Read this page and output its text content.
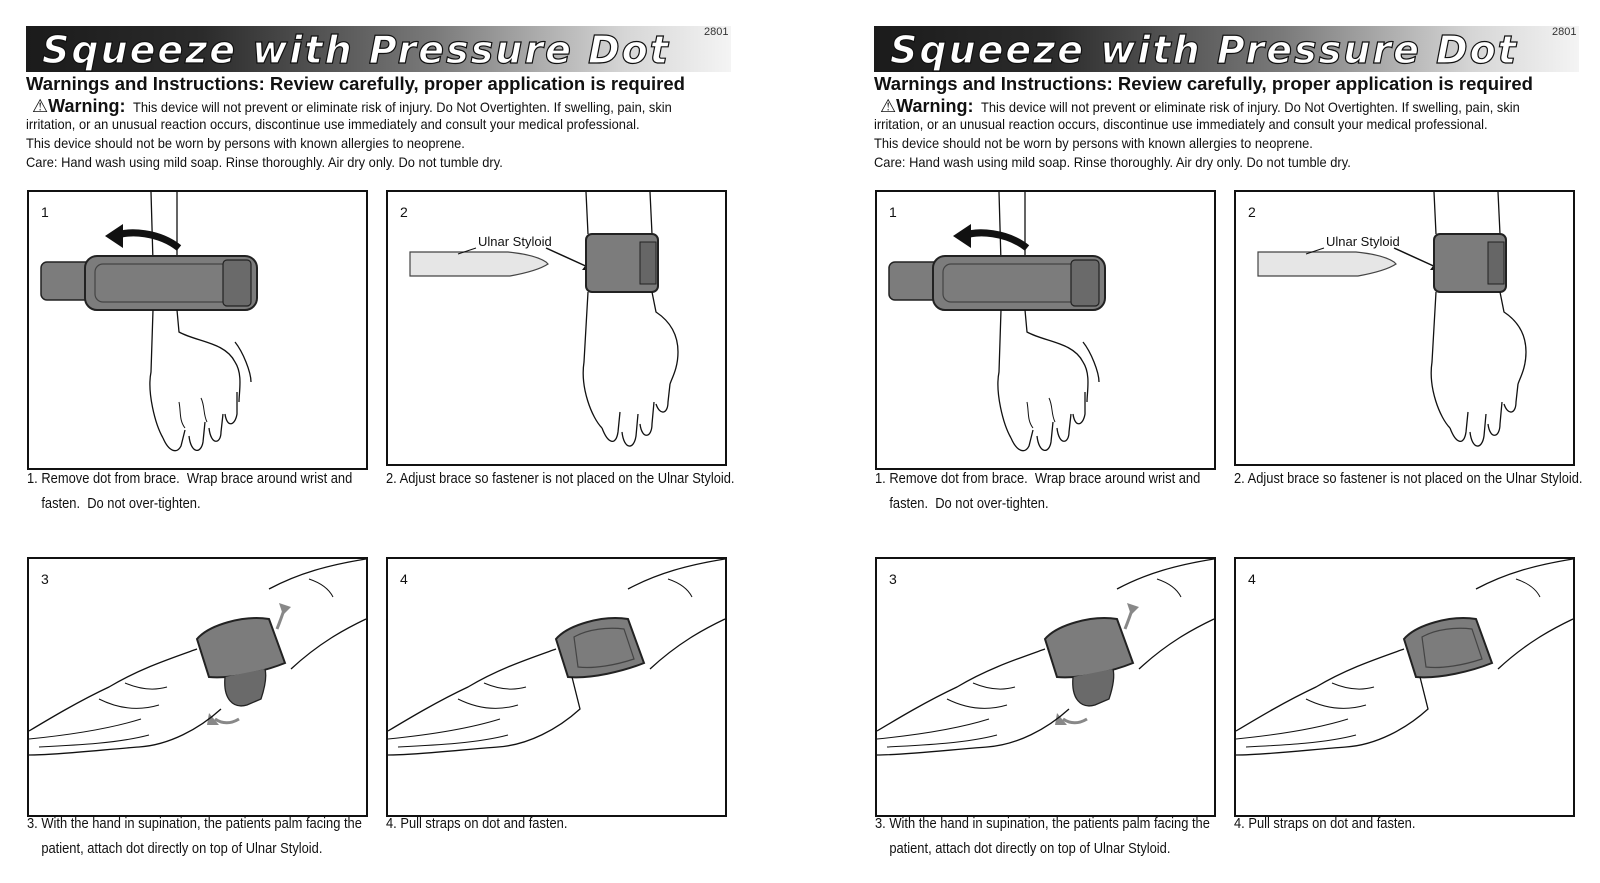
Squeeze with Pressure Dot	2801
Warnings and Instructions: Review carefully, proper application is required
⚠Warning: This device will not prevent or eliminate risk of injury. Do Not Overtighten. If swelling, pain, skin
irritation, or an unusual reaction occurs, discontinue use immediately and consult your medical professional.
This device should not be worn by persons with known allergies to neoprene.
Care: Hand wash using mild soap. Rinse thoroughly. Air dry only. Do not tumble dry.
1
1. Remove dot from brace.  Wrap brace around wrist and
fasten.  Do not over-tighten.
2
Ulnar Styloid
2. Adjust brace so fastener is not placed on the Ulnar Styloid.
3
3. With the hand in supination, the patients palm facing the
patient, attach dot directly on top of Ulnar Styloid.
4
4. Pull straps on dot and fasten.
Squeeze with Pressure Dot	2801
Warnings and Instructions: Review carefully, proper application is required
⚠Warning: This device will not prevent or eliminate risk of injury. Do Not Overtighten. If swelling, pain, skin
irritation, or an unusual reaction occurs, discontinue use immediately and consult your medical professional.
This device should not be worn by persons with known allergies to neoprene.
Care: Hand wash using mild soap. Rinse thoroughly. Air dry only. Do not tumble dry.
1
1. Remove dot from brace.  Wrap brace around wrist and
fasten.  Do not over-tighten.
2
Ulnar Styloid
2. Adjust brace so fastener is not placed on the Ulnar Styloid.
3
3. With the hand in supination, the patients palm facing the
patient, attach dot directly on top of Ulnar Styloid.
4
4. Pull straps on dot and fasten.
